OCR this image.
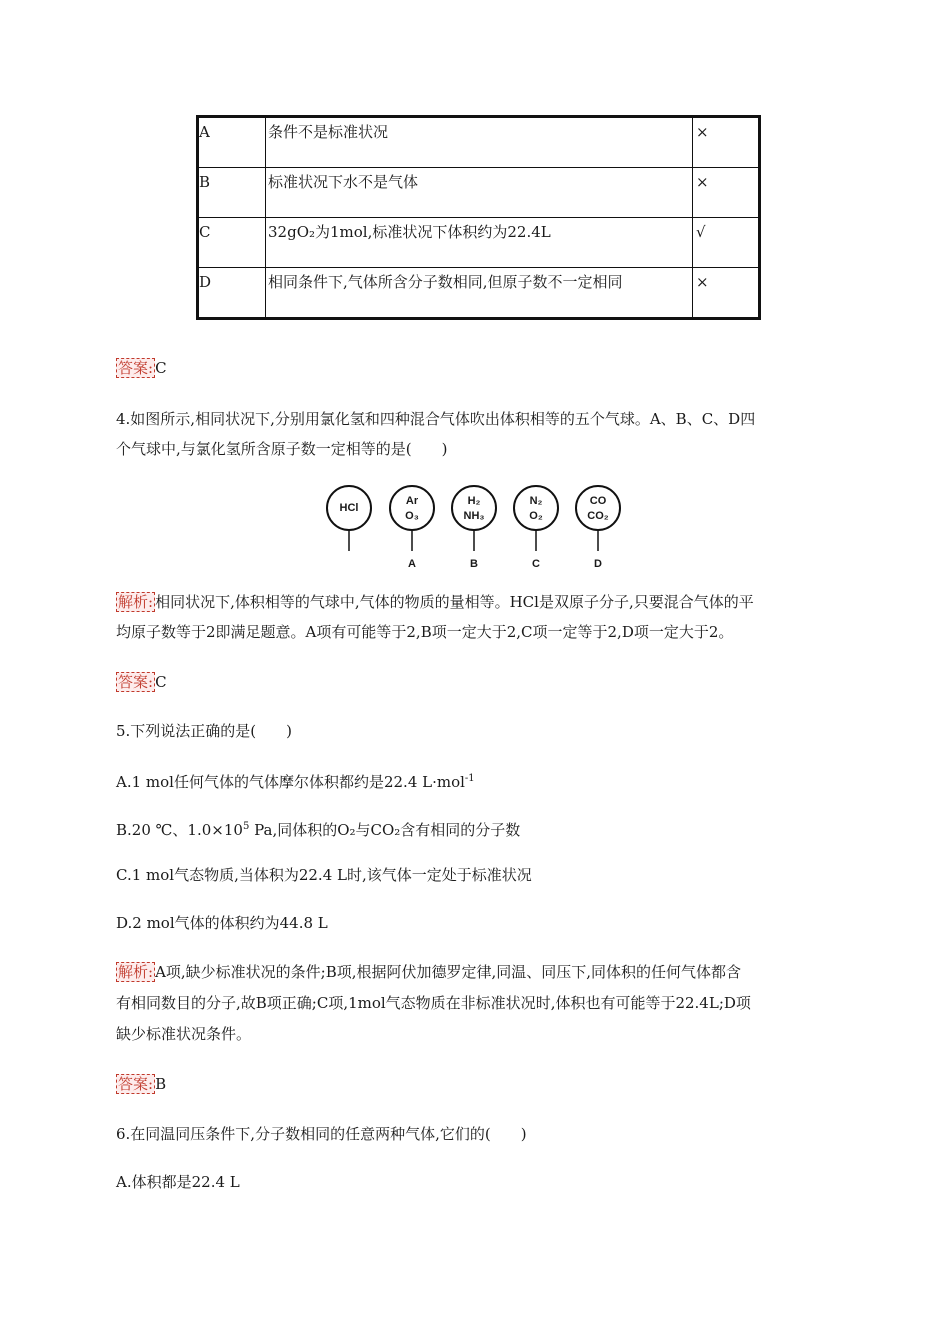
A	条件不是标准状况	×
B	标准状况下水不是气体	×
C	32gO₂为1mol,标准状况下体积约为22.4L	√
D	相同条件下,气体所含分子数相同,但原子数不一定相同	×
答案: C
4.如图所示,相同状况下,分别用氯化氢和四种混合气体吹出体积相等的五个气球。A、B、C、D四
个气球中,与氯化氢所含原子数一定相等的是(　　)
HCl
Ar
O₃
A
H₂
NH₃
B
N₂
O₂
C
CO
CO₂
D
解析: 相同状况下,体积相等的气球中,气体的物质的量相等。HCl是双原子分子,只要混合气体的平
均原子数等于2即满足题意。A项有可能等于2,B项一定大于2,C项一定等于2,D项一定大于2。
答案: C
5.下列说法正确的是(　　)
A.1 mol任何气体的气体摩尔体积都约是22.4 L·mol$^{-1}$
B.20 ℃、$1.0\times 10^5$ Pa,同体积的O₂与CO₂含有相同的分子数
C.1 mol气态物质,当体积为22.4 L时,该气体一定处于标准状况
D.2 mol气体的体积约为44.8 L
解析: A项,缺少标准状况的条件;B项,根据阿伏加德罗定律,同温、同压下,同体积的任何气体都含
有相同数目的分子,故B项正确;C项,1mol气态物质在非标准状况时,体积也有可能等于22.4L;D项
缺少标准状况条件。
答案: B
6.在同温同压条件下,分子数相同的任意两种气体,它们的(　　)
A.体积都是22.4 L
